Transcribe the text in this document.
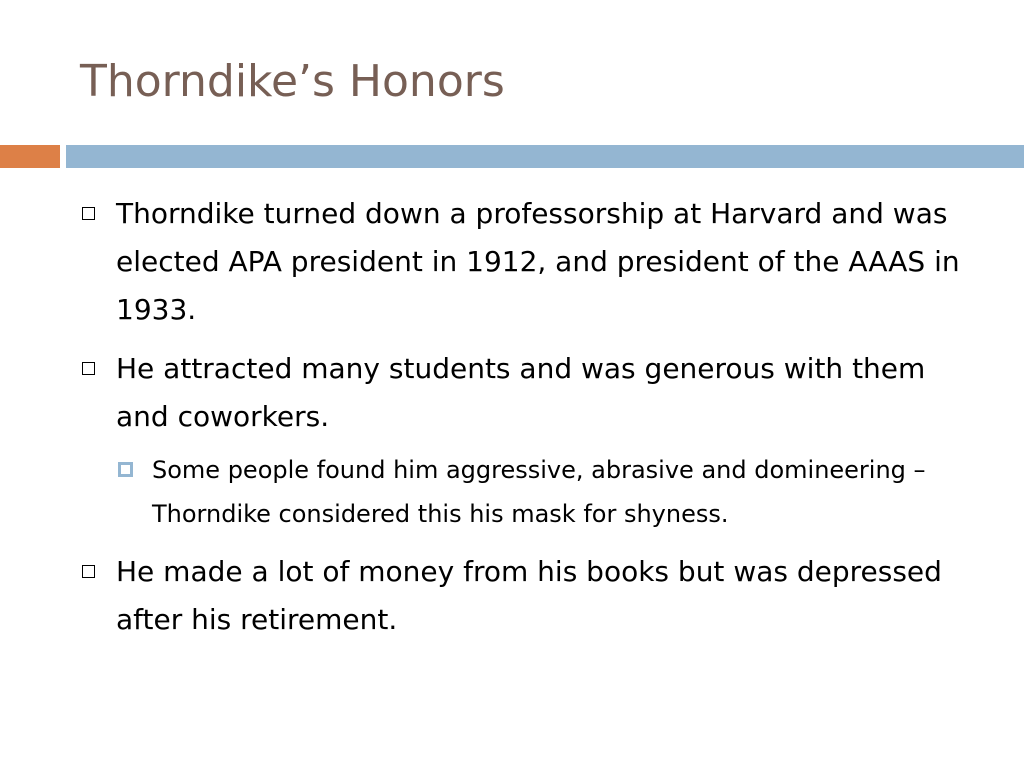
Thorndike’s Honors
Thorndike turned down a professorship at Harvard and was elected APA president in 1912, and president of the AAAS in 1933.
He attracted many students and was generous with them and coworkers.
Some people found him aggressive, abrasive and domineering – Thorndike considered this his mask for shyness.
He made a lot of money from his books but was depressed after his retirement.
